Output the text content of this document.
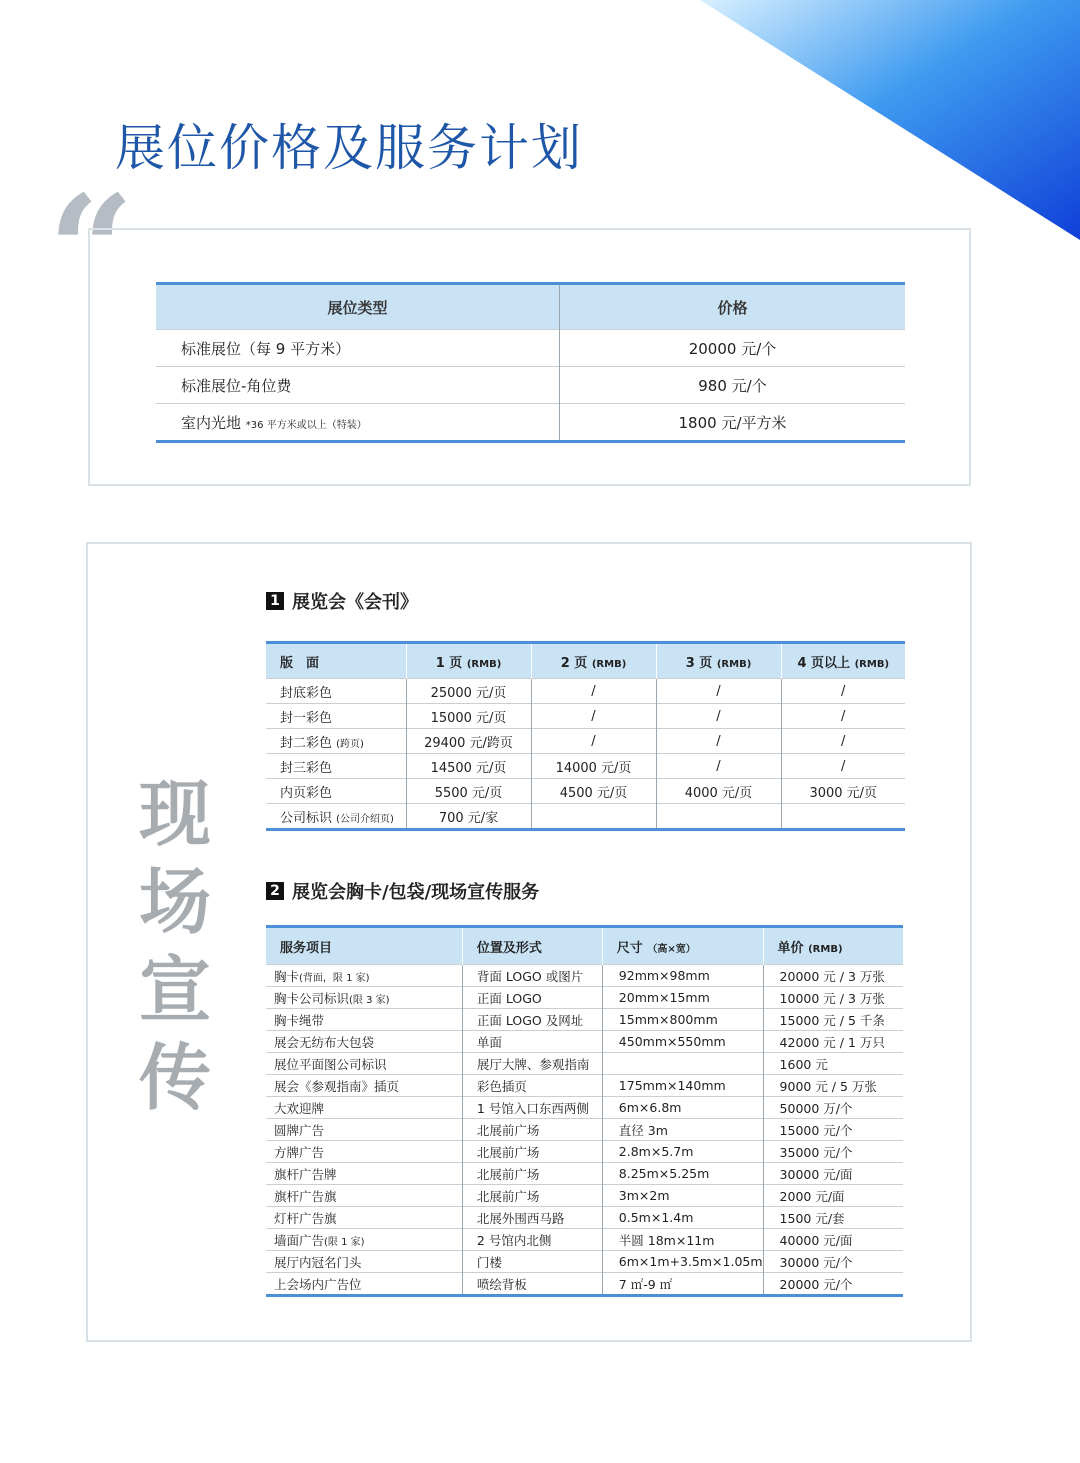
展位价格及服务计划
“	展位类型	价格
标准展位（每 9 平方米）	20000 元/个
标准展位-角位费	980 元/个
室内光地 *36 平方米或以上（特装）	1800 元/平方米
现
场
宣
传
1 展览会《会刊》
版　面	1 页 (RMB)	2 页 (RMB)	3 页 (RMB)	4 页以上 (RMB)
封底彩色	25000 元/页	/	/	/
封一彩色	15000 元/页	/	/	/
封二彩色 (跨页)	29400 元/跨页	/	/	/
封三彩色	14500 元/页	14000 元/页	/	/
内页彩色	5500 元/页	4500 元/页	4000 元/页	3000 元/页
公司标识 (公司介绍页)	700 元/家			
2 展览会胸卡/包袋/现场宣传服务
服务项目	位置及形式	尺寸 （高×宽）	单价 (RMB)
胸卡(背面，限 1 家)	背面 LOGO 或图片	92mm×98mm	20000 元 / 3 万张
胸卡公司标识(限 3 家)	正面 LOGO	20mm×15mm	10000 元 / 3 万张
胸卡绳带	正面 LOGO 及网址	15mm×800mm	15000 元 / 5 千条
展会无纺布大包袋	单面	450mm×550mm	42000 元 / 1 万只
展位平面图公司标识	展厅大牌、参观指南		1600 元
展会《参观指南》插页	彩色插页	175mm×140mm	9000 元 / 5 万张
大欢迎牌	1 号馆入口东西两侧	6m×6.8m	50000 万/个
圆牌广告	北展前广场	直径 3m	15000 元/个
方牌广告	北展前广场	2.8m×5.7m	35000 元/个
旗杆广告牌	北展前广场	8.25m×5.25m	30000 元/面
旗杆广告旗	北展前广场	3m×2m	2000 元/面
灯杆广告旗	北展外围西马路	0.5m×1.4m	1500 元/套
墙面广告(限 1 家)	2 号馆内北侧	半圆 18m×11m	40000 元/面
展厅内冠名门头	门楼	6m×1m+3.5m×1.05m	30000 元/个
上会场内广告位	喷绘背板	7 ㎡-9 ㎡	20000 元/个
